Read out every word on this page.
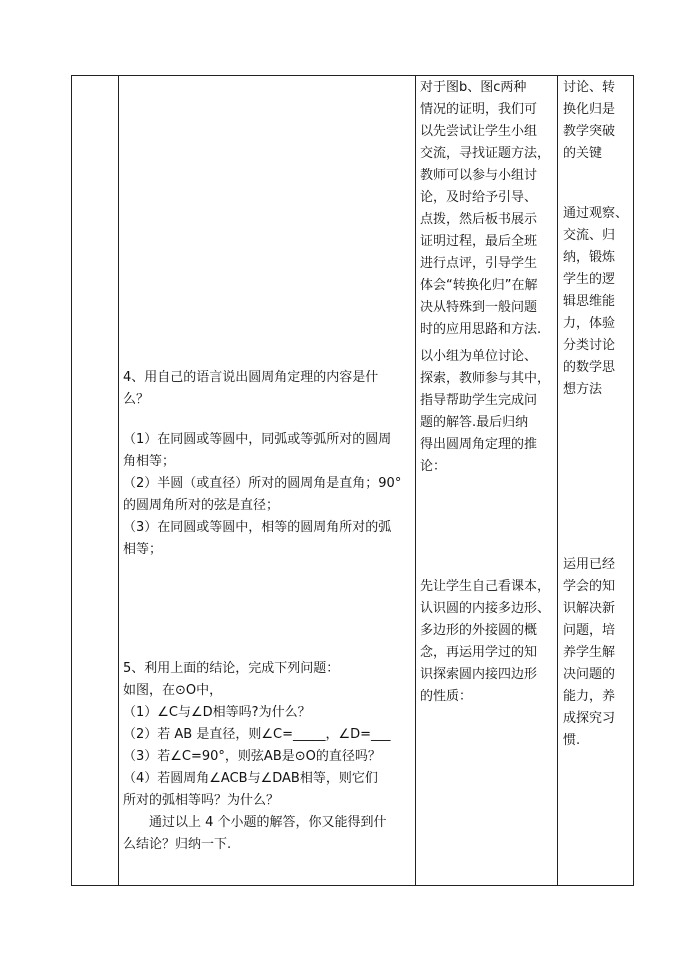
对于图b、图c两种

情况的证明，我们可

以先尝试让学生小组

交流，寻找证题方法，

教师可以参与小组讨

论，及时给予引导、

点拨，然后板书展示

证明过程，最后全班

进行点评，引导学生

体会“转换化归”在解

决从特殊到一般问题

时的应用思路和方法.

以小组为单位讨论、

探索，教师参与其中，

指导帮助学生完成问

题的解答.最后归纳

得出圆周角定理的推

论：

先让学生自己看课本，

认识圆的内接多边形、

多边形的外接圆的概

念，再运用学过的知

识探索圆内接四边形

的性质：

讨论、转

换化归是

教学突破

的关键

通过观察、

交流、归

纳，锻炼

学生的逻

辑思维能

力，体验

分类讨论

的数学思

想方法

运用已经

学会的知

识解决新

问题，培

养学生解

决问题的

能力，养

成探究习

惯.

4、用自己的语言说出圆周角定理的内容是什

么？

（1）在同圆或等圆中，同弧或等弧所对的圆周

角相等；

（2）半圆（或直径）所对的圆周角是直角；90°

的圆周角所对的弦是直径；

（3）在同圆或等圆中，相等的圆周角所对的弧

相等；

5、利用上面的结论，完成下列问题：

如图，在⊙O中，

（1）∠C与∠D相等吗?为什么？

（2）若 AB 是直径，则∠C=_____，∠D=___

（3）若∠C=90°，则弦AB是⊙O的直径吗？

（4）若圆周角∠ACB与∠DAB相等，则它们

所对的弧相等吗？为什么？

通过以上 4 个小题的解答，你又能得到什

么结论？归纳一下.
